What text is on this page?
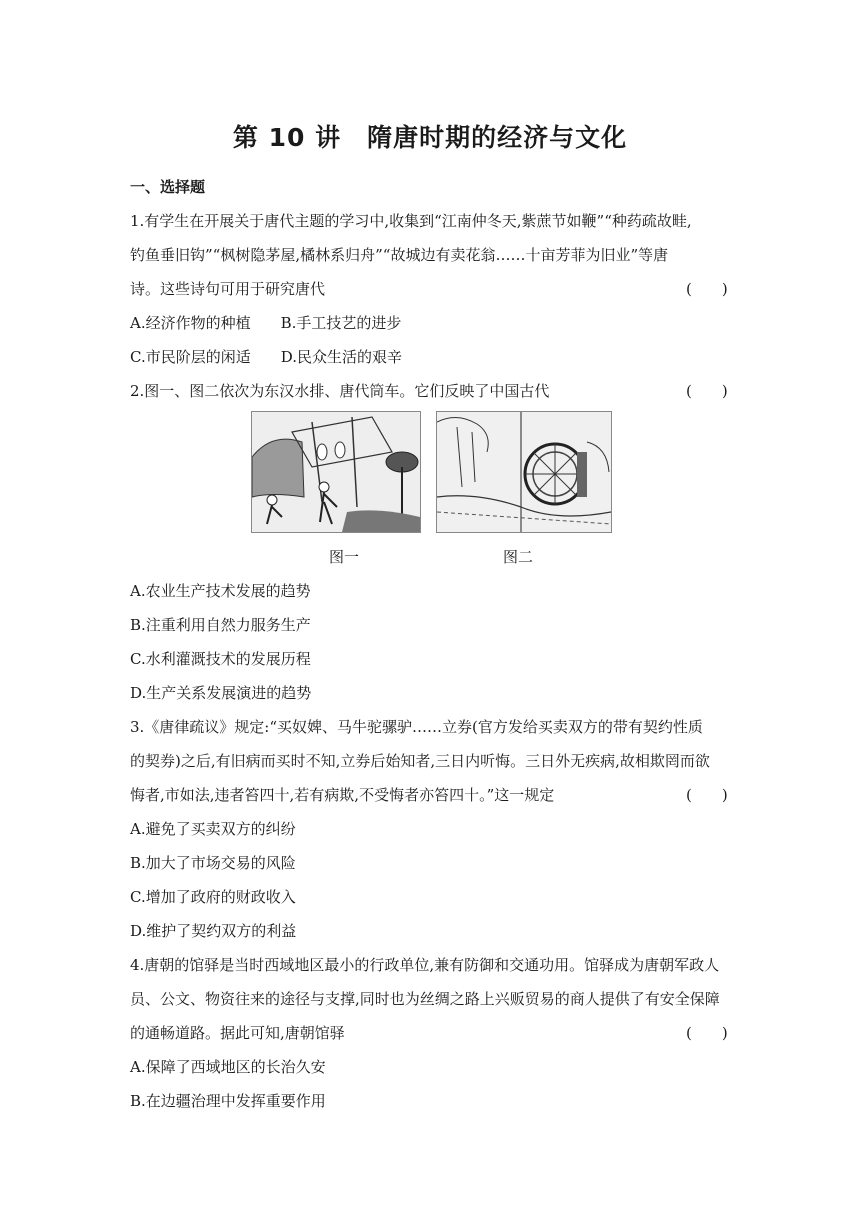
第 10 讲　隋唐时期的经济与文化
一、选择题
1.有学生在开展关于唐代主题的学习中,收集到“江南仲冬天,紫蔗节如鞭”“种药疏故畦,
钓鱼垂旧钩”“枫树隐茅屋,橘林系归舟”“故城边有卖花翁……十亩芳菲为旧业”等唐
诗。这些诗句可用于研究唐代	(　　)
A.经济作物的种植　　B.手工技艺的进步
C.市民阶层的闲适　　D.民众生活的艰辛
2.图一、图二依次为东汉水排、唐代筒车。它们反映了中国古代	(　　)
图一	图二
A.农业生产技术发展的趋势
B.注重利用自然力服务生产
C.水利灌溉技术的发展历程
D.生产关系发展演进的趋势
3.《唐律疏议》规定:“买奴婢、马牛驼骡驴……立券(官方发给买卖双方的带有契约性质
的契券)之后,有旧病而买时不知,立券后始知者,三日内听悔。三日外无疾病,故相欺罔而欲
悔者,市如法,违者笞四十,若有病欺,不受悔者亦笞四十。”这一规定	(　　)
A.避免了买卖双方的纠纷
B.加大了市场交易的风险
C.增加了政府的财政收入
D.维护了契约双方的利益
4.唐朝的馆驿是当时西域地区最小的行政单位,兼有防御和交通功用。馆驿成为唐朝军政人
员、公文、物资往来的途径与支撑,同时也为丝绸之路上兴贩贸易的商人提供了有安全保障
的通畅道路。据此可知,唐朝馆驿	(　　)
A.保障了西域地区的长治久安
B.在边疆治理中发挥重要作用
